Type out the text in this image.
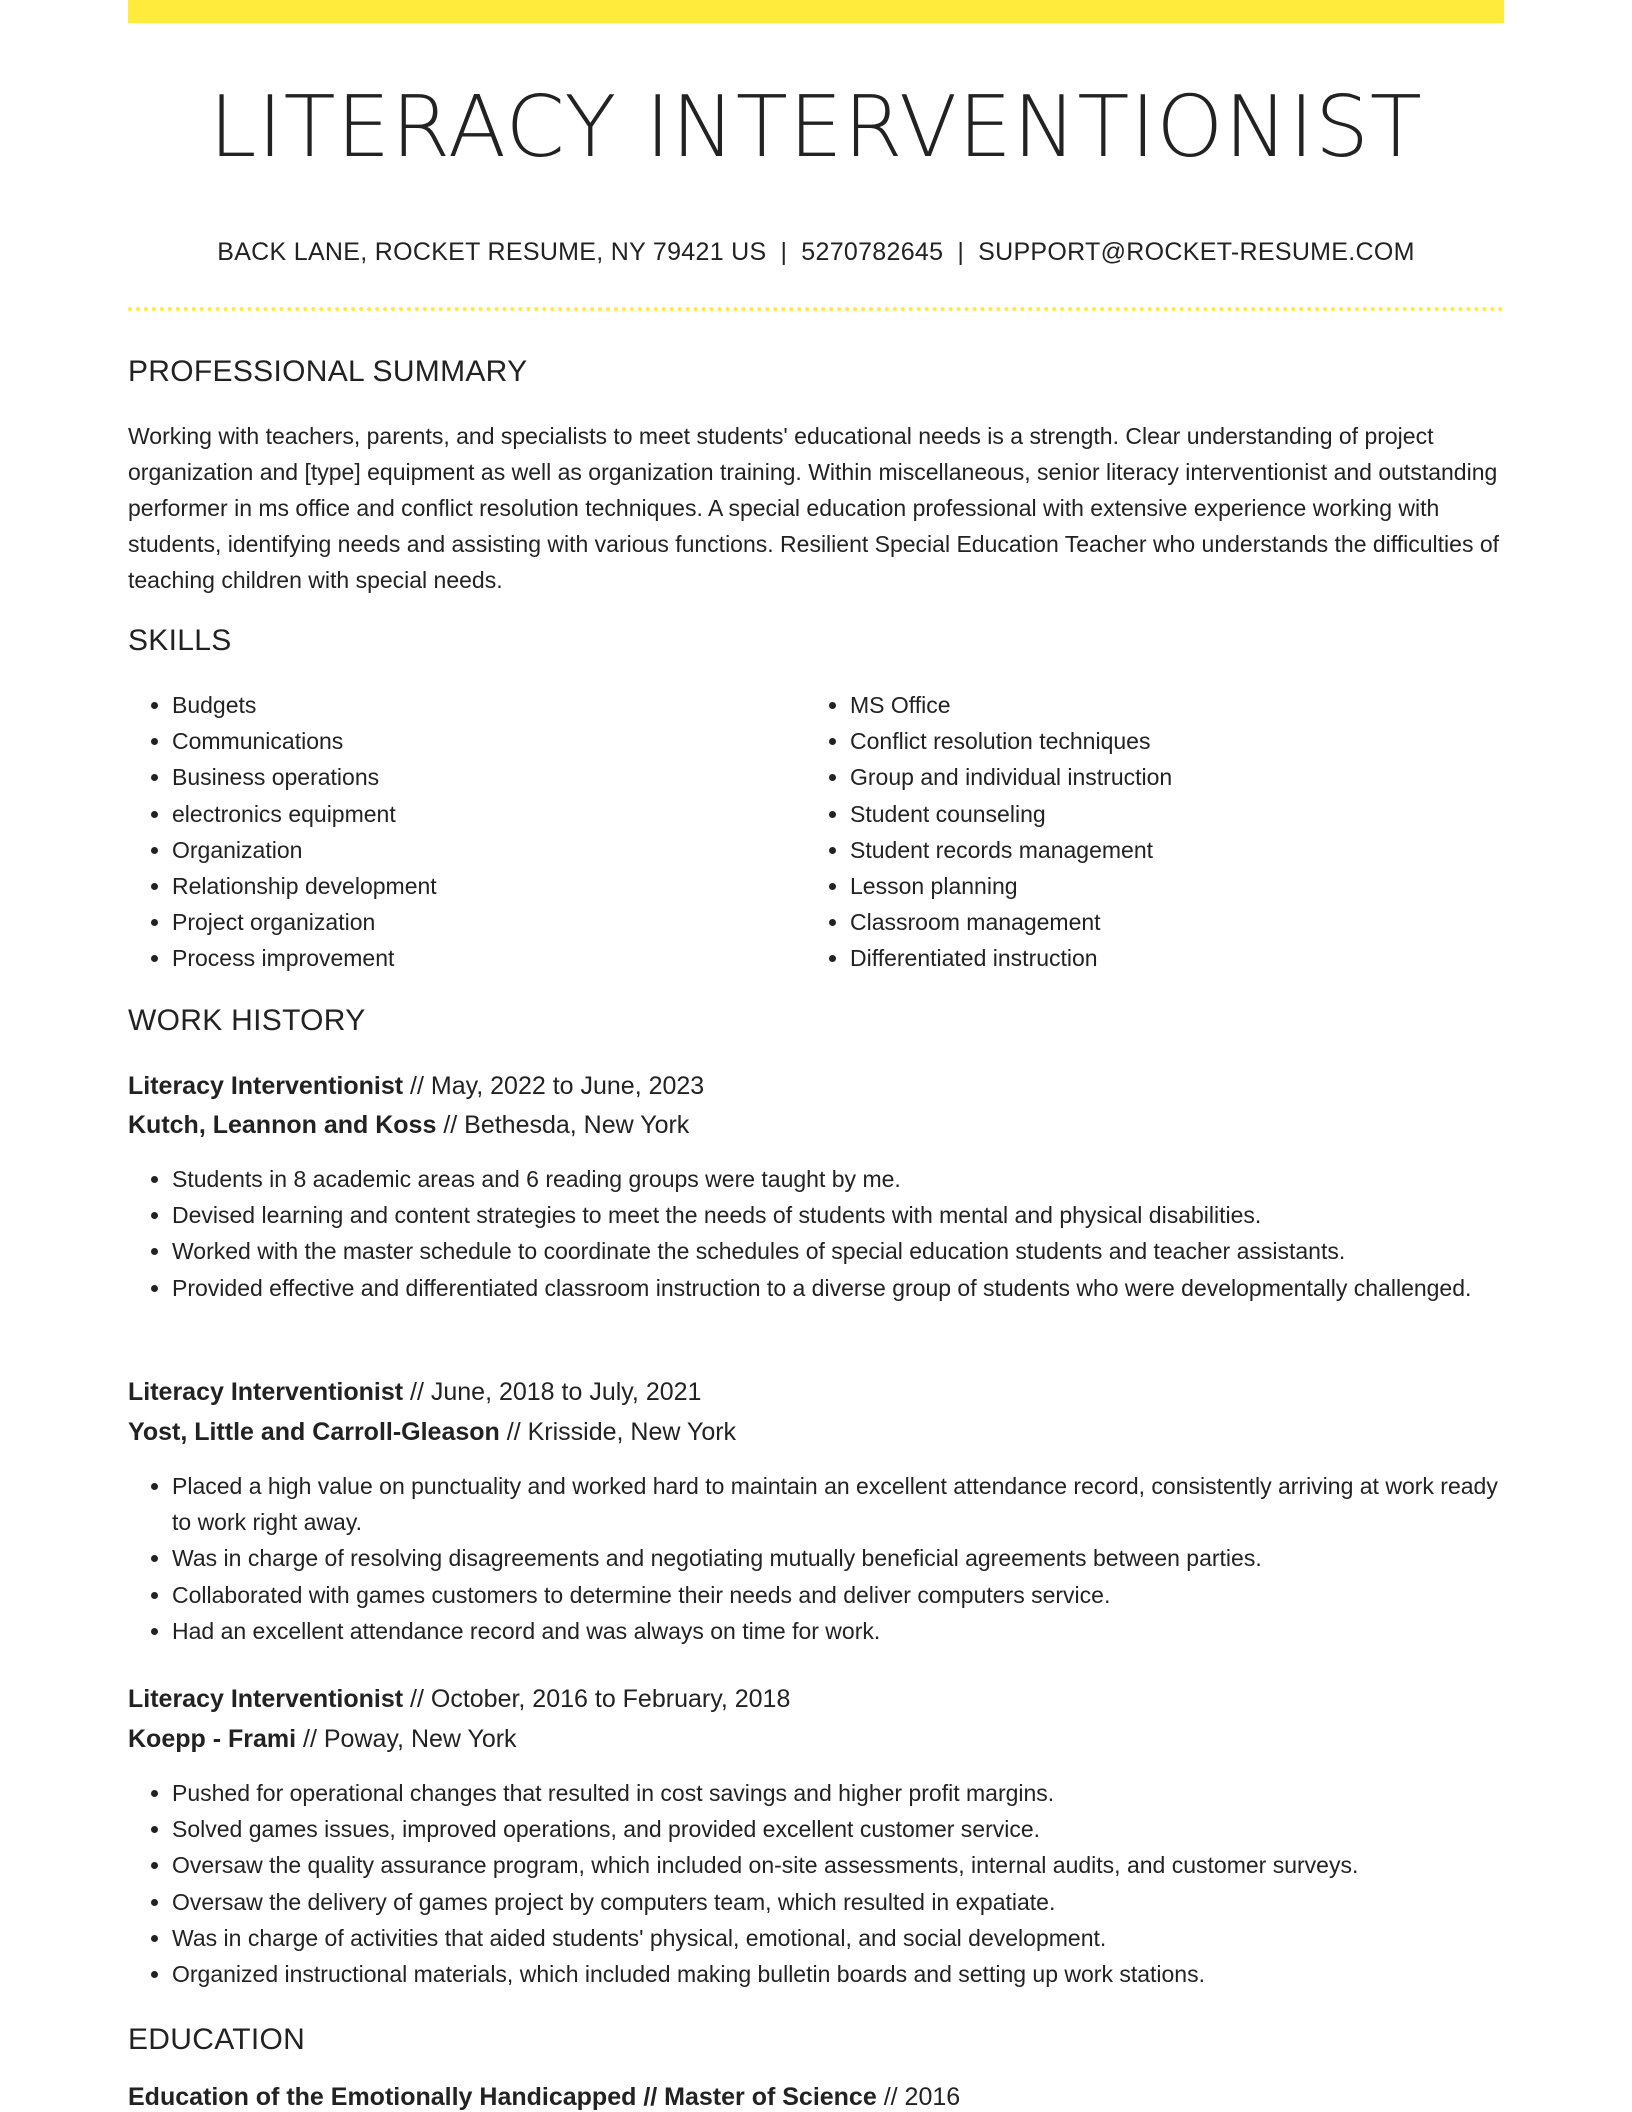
LITERACY INTERVENTIONIST
BACK LANE, ROCKET RESUME, NY 79421 US | 5270782645 | SUPPORT@ROCKET-RESUME.COM
PROFESSIONAL SUMMARY
Working with teachers, parents, and specialists to meet students' educational needs is a strength. Clear understanding of project organization and [type] equipment as well as organization training. Within miscellaneous, senior literacy interventionist and outstanding performer in ms office and conflict resolution techniques. A special education professional with extensive experience working with students, identifying needs and assisting with various functions. Resilient Special Education Teacher who understands the difficulties of teaching children with special needs.
SKILLS
• Budgets
• Communications
• Business operations
• electronics equipment
• Organization
• Relationship development
• Project organization
• Process improvement
• MS Office
• Conflict resolution techniques
• Group and individual instruction
• Student counseling
• Student records management
• Lesson planning
• Classroom management
• Differentiated instruction
WORK HISTORY
Literacy Interventionist // May, 2022 to June, 2023
Kutch, Leannon and Koss // Bethesda, New York
• Students in 8 academic areas and 6 reading groups were taught by me.
• Devised learning and content strategies to meet the needs of students with mental and physical disabilities.
• Worked with the master schedule to coordinate the schedules of special education students and teacher assistants.
• Provided effective and differentiated classroom instruction to a diverse group of students who were developmentally challenged.
Literacy Interventionist // June, 2018 to July, 2021
Yost, Little and Carroll-Gleason // Krisside, New York
• Placed a high value on punctuality and worked hard to maintain an excellent attendance record, consistently arriving at work ready to work right away.
• Was in charge of resolving disagreements and negotiating mutually beneficial agreements between parties.
• Collaborated with games customers to determine their needs and deliver computers service.
• Had an excellent attendance record and was always on time for work.
Literacy Interventionist // October, 2016 to February, 2018
Koepp - Frami // Poway, New York
• Pushed for operational changes that resulted in cost savings and higher profit margins.
• Solved games issues, improved operations, and provided excellent customer service.
• Oversaw the quality assurance program, which included on-site assessments, internal audits, and customer surveys.
• Oversaw the delivery of games project by computers team, which resulted in expatiate.
• Was in charge of activities that aided students' physical, emotional, and social development.
• Organized instructional materials, which included making bulletin boards and setting up work stations.
EDUCATION
Education of the Emotionally Handicapped // Master of Science // 2016
